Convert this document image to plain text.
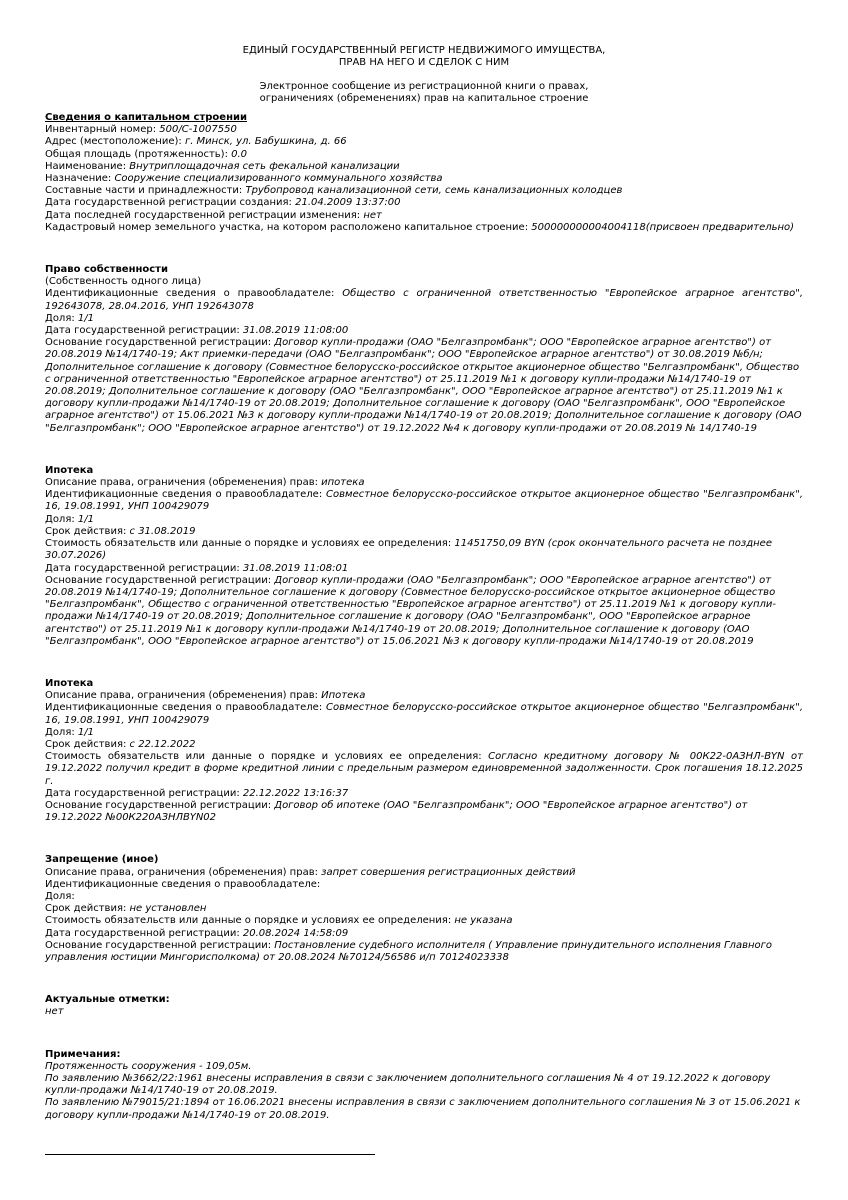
ЕДИНЫЙ ГОСУДАРСТВЕННЫЙ РЕГИСТР НЕДВИЖИМОГО ИМУЩЕСТВА,
ПРАВ НА НЕГО И СДЕЛОК С НИМ
Электронное сообщение из регистрационной книги о правах,
ограничениях (обременениях) прав на капитальное строение
Сведения о капитальном строении
Инвентарный номер: 500/C-1007550
Адрес (местоположение): г. Минск, ул. Бабушкина, д. 66
Общая площадь (протяженность): 0.0
Наименование: Внутриплощадочная сеть фекальной канализации
Назначение: Сооружение специализированного коммунального хозяйства
Составные части и принадлежности: Трубопровод канализационной сети, семь канализационных колодцев
Дата государственной регистрации создания: 21.04.2009 13:37:00
Дата последней государственной регистрации изменения: нет
Кадастровый номер земельного участка, на котором расположено капитальное строение: 500000000004004118(присвоен предварительно)
Право собственности
(Собственность одного лица)
Идентификационные сведения о правообладателе: Общество с ограниченной ответственностью "Европейское аграрное агентство", 192643078, 28.04.2016, УНП 192643078
Доля: 1/1
Дата государственной регистрации: 31.08.2019 11:08:00
Основание государственной регистрации: Договор купли-продажи (ОАО "Белгазпромбанк"; ООО "Европейское аграрное агентство") от 20.08.2019 №14/1740-19; Акт приемки-передачи (ОАО "Белгазпромбанк"; ООО "Европейское аграрное агентство") от 30.08.2019 №б/н; Дополнительное соглашение к договору (Совместное белорусско-российское открытое акционерное общество "Белгазпромбанк", Общество с ограниченной ответственностью "Европейское аграрное агентство") от 25.11.2019 №1 к договору купли-продажи №14/1740-19 от 20.08.2019; Дополнительное соглашение к договору (ОАО "Белгазпромбанк", ООО "Европейское аграрное агентство") от 25.11.2019 №1 к договору купли-продажи №14/1740-19 от 20.08.2019; Дополнительное соглашение к договору (ОАО "Белгазпромбанк", ООО "Европейское аграрное агентство") от 15.06.2021 №3 к договору купли-продажи №14/1740-19 от 20.08.2019; Дополнительное соглашение к договору (ОАО "Белгазпромбанк"; ООО "Европейское аграрное агентство") от 19.12.2022 №4 к договору купли-продажи от 20.08.2019 № 14/1740-19
Ипотека
Описание права, ограничения (обременения) прав: ипотека
Идентификационные сведения о правообладателе: Совместное белорусско-российское открытое акционерное общество "Белгазпромбанк", 16, 19.08.1991, УНП 100429079
Доля: 1/1
Срок действия: с 31.08.2019
Стоимость обязательств или данные о порядке и условиях ее определения: 11451750,09 BYN (срок окончательного расчета не позднее 30.07.2026)
Дата государственной регистрации: 31.08.2019 11:08:01
Основание государственной регистрации: Договор купли-продажи (ОАО "Белгазпромбанк"; ООО "Европейское аграрное агентство") от 20.08.2019 №14/1740-19; Дополнительное соглашение к договору (Совместное белорусско-российское открытое акционерное общество "Белгазпромбанк", Общество с ограниченной ответственностью "Европейское аграрное агентство") от 25.11.2019 №1 к договору купли-продажи №14/1740-19 от 20.08.2019; Дополнительное соглашение к договору (ОАО "Белгазпромбанк", ООО "Европейское аграрное агентство") от 25.11.2019 №1 к договору купли-продажи №14/1740-19 от 20.08.2019; Дополнительное соглашение к договору (ОАО "Белгазпромбанк", ООО "Европейское аграрное агентство") от 15.06.2021 №3 к договору купли-продажи №14/1740-19 от 20.08.2019
Ипотека
Описание права, ограничения (обременения) прав: Ипотека
Идентификационные сведения о правообладателе: Совместное белорусско-российское открытое акционерное общество "Белгазпромбанк", 16, 19.08.1991, УНП 100429079
Доля: 1/1
Срок действия: с 22.12.2022
Стоимость обязательств или данные о порядке и условиях ее определения: Согласно кредитному договору № 00К22-0АЗНЛ-BYN от 19.12.2022 получил кредит в форме кредитной линии с предельным размером единовременной задолженности. Срок погашения 18.12.2025 г.
Дата государственной регистрации: 22.12.2022 13:16:37
Основание государственной регистрации: Договор об ипотеке (ОАО "Белгазпромбанк"; ООО "Европейское аграрное агентство") от 19.12.2022 №00К220АЗНЛBYN02
Запрещение (иное)
Описание права, ограничения (обременения) прав: запрет совершения регистрационных действий
Идентификационные сведения о правообладателе:
Доля:
Срок действия: не установлен
Стоимость обязательств или данные о порядке и условиях ее определения: не указана
Дата государственной регистрации: 20.08.2024 14:58:09
Основание государственной регистрации: Постановление судебного исполнителя ( Управление принудительного исполнения Главного управления юстиции Мингорисполкома) от 20.08.2024 №70124/56586 и/п 70124023338
Актуальные отметки:
нет
Примечания:
Протяженность сооружения - 109,05м.
По заявлению №3662/22:1961 внесены исправления в связи с заключением дополнительного соглашения № 4 от 19.12.2022 к договору купли-продажи №14/1740-19 от 20.08.2019.
По заявлению №79015/21:1894 от 16.06.2021 внесены исправления в связи с заключением дополнительного соглашения № 3 от 15.06.2021 к договору купли-продажи №14/1740-19 от 20.08.2019.
